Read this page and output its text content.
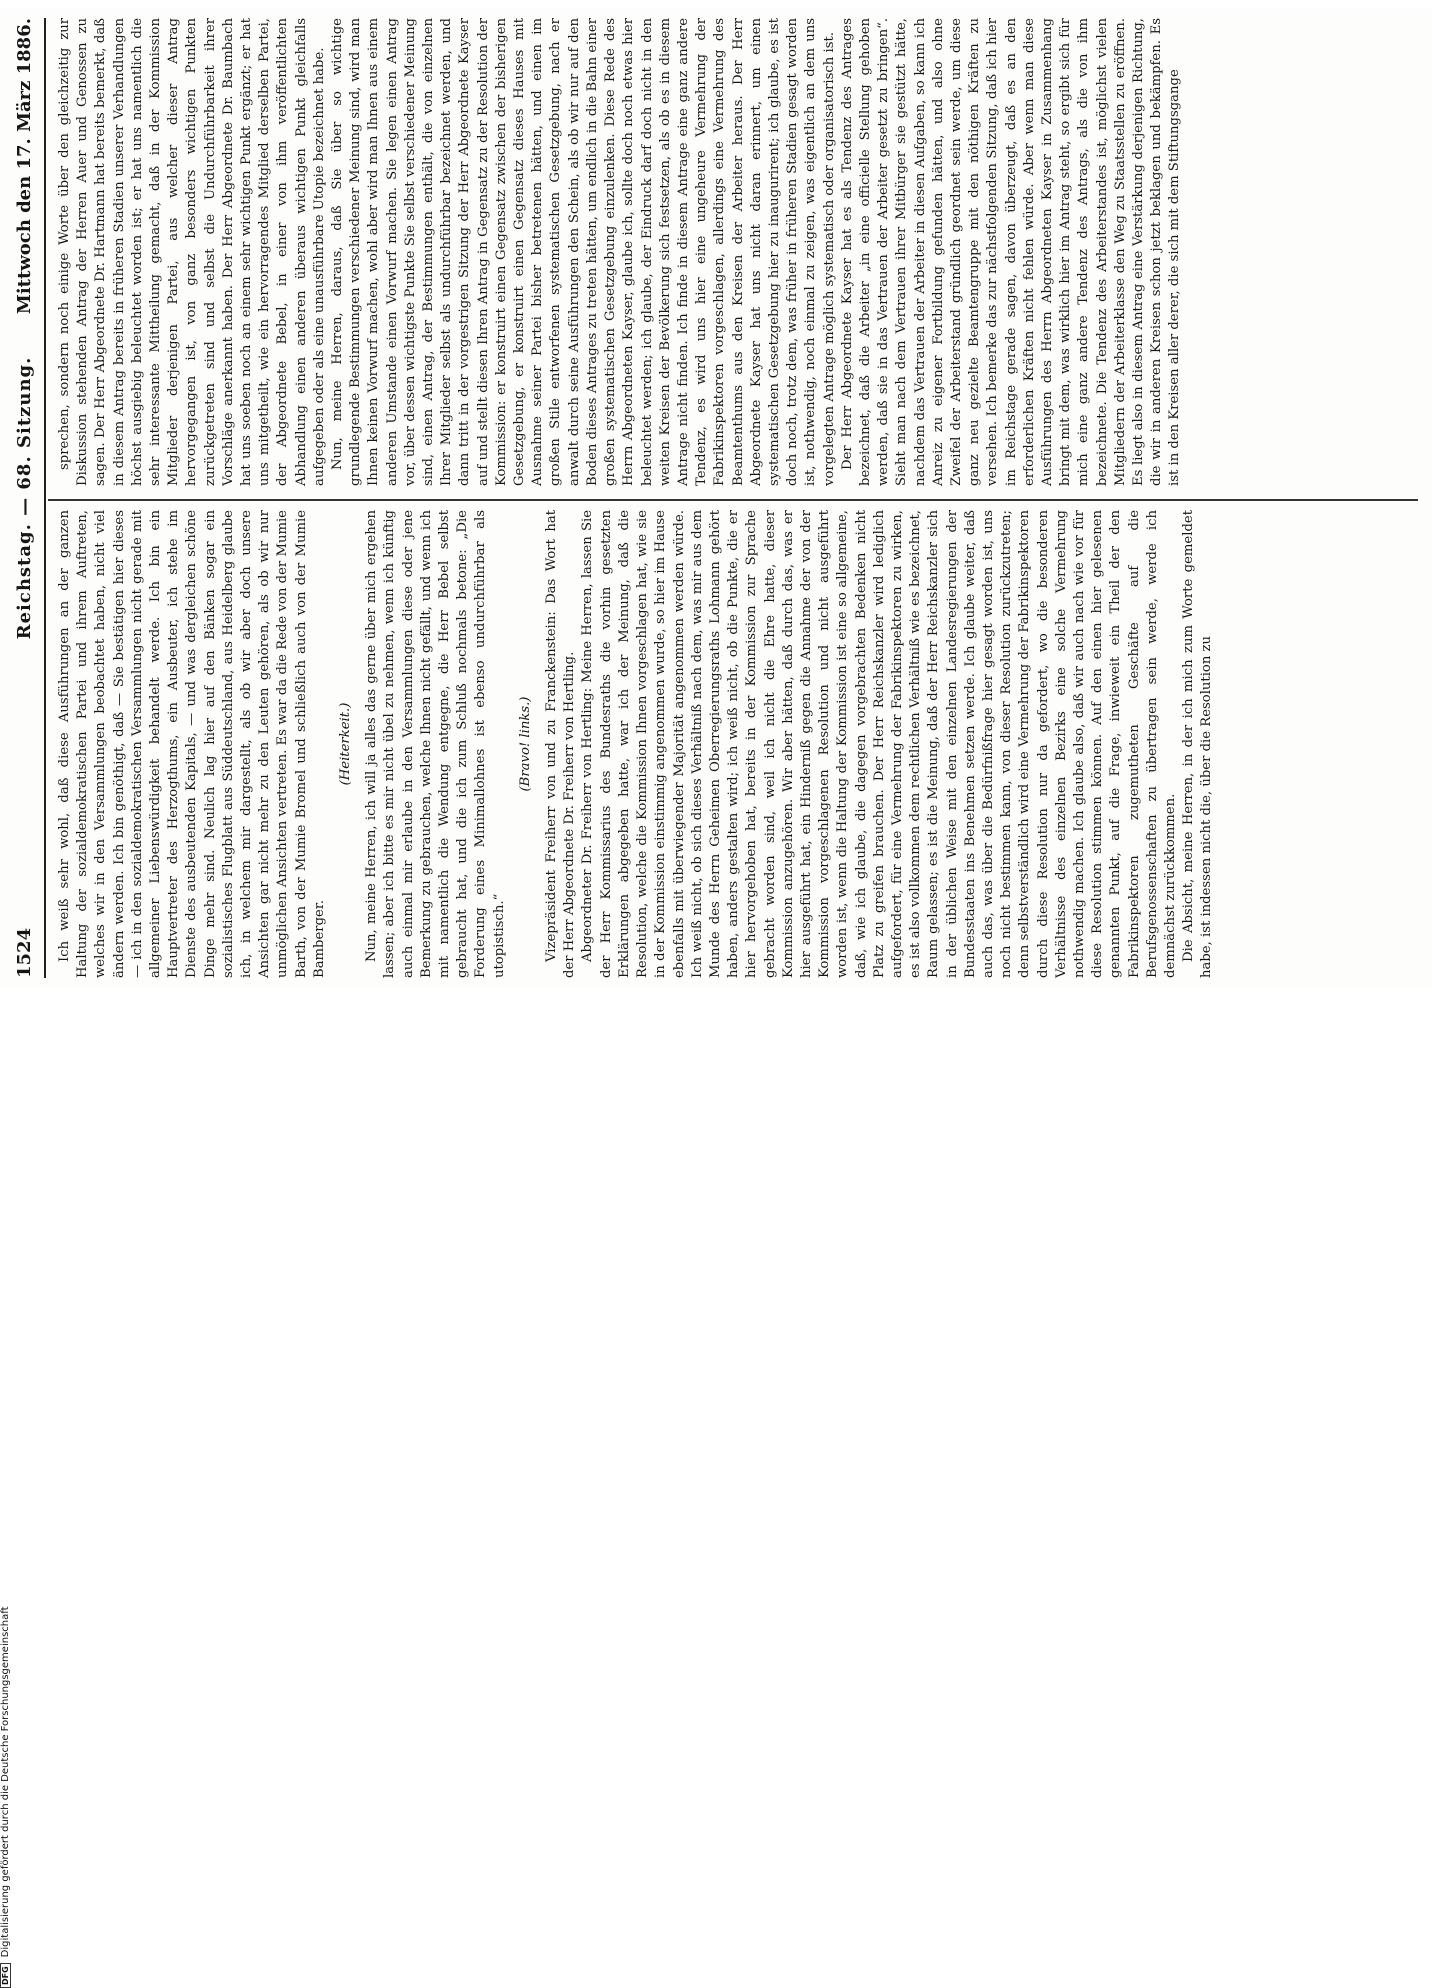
1524
Reichstag. — 68. Sitzung.
Mittwoch den 17. März 1886.

Ich weiß sehr wohl, daß diese Ausführungen an der ganzen Haltung der sozialdemokratischen Partei und ihrem Auftreten, welches wir in den Versammlungen beobachtet haben, nicht viel ändern werden. Ich bin genöthigt, daß — Sie bestätigen hier dieses — ich in den sozialdemokratischen Versammlungen nicht gerade mit allgemeiner Liebenswürdigkeit behandelt werde. Ich bin ein Hauptvertreter des Herzogthums, ein Ausbeuter, ich stehe im Dienste des ausbeutenden Kapitals, — und was dergleichen schöne Dinge mehr sind. Neulich lag hier auf den Bänken sogar ein sozialistisches Flugblatt aus Süddeutschland, aus Heidelberg glaube ich, in welchem mir dargestellt, als ob wir aber doch unsere Ansichten gar nicht mehr zu den Leuten gehören, als ob wir nur unmöglichen Ansichten vertreten. Es war da die Rede von der Mumie Barth, von der Mumie Bromel und schließlich auch von der Mumie Bamberger.

(Heiterkeit.) Nun, meine Herren, ich will ja alles das gerne über mich ergehen lassen; aber ich bitte es mir nicht übel zu nehmen, wenn ich künftig auch einmal mir erlaube in den Versammlungen diese oder jene Bemerkung zu gebrauchen, welche Ihnen nicht gefällt, und wenn ich mit namentlich die Wendung entgegne, die Herr Bebel selbst gebraucht hat, und die ich zum Schluß nochmals betone: „Die Forderung eines Minimallohnes ist ebenso undurchführbar als utopistisch.“

(Bravo! links.) Vizepräsident Freiherr von und zu Franckenstein: Das Wort hat der Herr Abgeordnete Dr. Freiherr von Hertling. Abgeordneter Dr. Freiherr von Hertling: Meine Herren, lassen Sie der Herr Kommissarius des Bundesraths die vorhin gesetzten Erklärungen abgegeben hatte, war ich der Meinung, daß die Resolution, welche die Kommission Ihnen vorgeschlagen hat, wie sie in der Kommission einstimmig angenommen wurde, so hier im Hause ebenfalls mit überwiegender Majorität angenommen werden würde. Ich weiß nicht, ob sich dieses Verhältniß nach dem, was mir aus dem Munde des Herrn Geheimen Oberregierungsraths Lohmann gehört haben, anders gestalten wird; ich weiß nicht, ob die Punkte, die er hier hervorgehoben hat, bereits in der Kommission zur Sprache gebracht worden sind, weil ich nicht die Ehre hatte, dieser Kommission anzugehören. Wir aber hätten, daß durch das, was er hier ausgeführt hat, ein Hinderniß gegen die Annahme der von der Kommission vorgeschlagenen Resolution und nicht ausgeführt worden ist, wenn die Haltung der Kommission ist eine so allgemeine, daß, wie ich glaube, die dagegen vorgebrachten Bedenken nicht Platz zu greifen brauchen. Der Herr Reichskanzler wird lediglich aufgefordert, für eine Vermehrung der Fabrikinspektoren zu wirken, es ist also vollkommen dem rechtlichen Verhältniß wie es bezeichnet, Raum gelassen; es ist die Meinung, daß der Herr Reichskanzler sich in der üblichen Weise mit den einzelnen Landesregierungen der Bundesstaaten ins Benehmen setzen werde. Ich glaube weiter, daß auch das, was über die Bedürfnißfrage hier gesagt worden ist, uns noch nicht bestimmen kann, von dieser Resolution zurückzutreten; denn selbstverständlich wird eine Vermehrung der Fabrikinspektoren durch diese Resolution nur da gefordert, wo die besonderen Verhältnisse des einzelnen Bezirks eine solche Vermehrung nothwendig machen. Ich glaube also, daß wir auch nach wie vor für diese Resolution stimmen können. Auf den einen hier gelesenen genannten Punkt, auf die Frage, inwieweit ein Theil der den Fabrikinspektoren zugemutheten Geschäfte auf die Berufsgenossenschaften zu übertragen sein werde, werde ich demnächst zurückkommen. Die Absicht, meine Herren, in der ich mich zum Worte gemeldet habe, ist indessen nicht die, über die Resolution zu

sprechen, sondern noch einige Worte über den gleichzeitig zur Diskussion stehenden Antrag der Herren Auer und Genossen zu sagen. Der Herr Abgeordnete Dr. Hartmann hat bereits bemerkt, daß in diesem Antrag bereits in früheren Stadien unserer Verhandlungen höchst ausgiebig beleuchtet worden ist; er hat uns namentlich die sehr interessante Mittheilung gemacht, daß in der Kommission Mitglieder derjenigen Partei, aus welcher dieser Antrag hervorgegangen ist, von ganz besonders wichtigen Punkten zurückgetreten sind und selbst die Undurchführbarkeit ihrer Vorschläge anerkannt haben. Der Herr Abgeordnete Dr. Baumbach hat uns soeben noch an einem sehr wichtigen Punkt ergänzt; er hat uns mitgetheilt, wie ein hervorragendes Mitglied derselben Partei, der Abgeordnete Bebel, in einer von ihm veröffentlichten Abhandlung einen anderen überaus wichtigen Punkt gleichfalls aufgegeben oder als eine unausführbare Utopie bezeichnet habe. Nun, meine Herren, daraus, daß Sie über so wichtige grundlegende Bestimmungen verschiedener Meinung sind, wird man Ihnen keinen Vorwurf machen, wohl aber wird man Ihnen aus einem anderen Umstande einen Vorwurf machen. Sie legen einen Antrag vor, über dessen wichtigste Punkte Sie selbst verschiedener Meinung sind, einen Antrag, der Bestimmungen enthält, die von einzelnen Ihrer Mitglieder selbst als undurchführbar bezeichnet werden, und dann tritt in der vorgestrigen Sitzung der Herr Abgeordnete Kayser auf und stellt diesen Ihren Antrag in Gegensatz zu der Resolution der Kommission: er konstruirt einen Gegensatz zwischen der bisherigen Gesetzgebung, er konstruirt einen Gegensatz dieses Hauses mit Ausnahme seiner Partei bisher betretenen hätten, und einen im großen Stile entworfenen systematischen Gesetzgebung, nach er anwalt durch seine Ausführungen den Schein, als ob wir nur auf den Boden dieses Antrages zu treten hätten, um endlich in die Bahn einer großen systematischen Gesetzgebung einzulenken. Diese Rede des Herrn Abgeordneten Kayser, glaube ich, sollte doch noch etwas hier beleuchtet werden; ich glaube, der Eindruck darf doch nicht in den weiten Kreisen der Bevölkerung sich festsetzen, als ob es in diesem Antrage nicht finden. Ich finde in diesem Antrage eine ganz andere Tendenz, es wird uns hier eine ungeheure Vermehrung der Fabrikinspektoren vorgeschlagen, allerdings eine Vermehrung des Beamtenthums aus den Kreisen der Arbeiter heraus. Der Herr Abgeordnete Kayser hat uns nicht daran erinnert, um einen systematischen Gesetzgebung hier zu inaugurirent; ich glaube, es ist doch noch, trotz dem, was früher in früheren Stadien gesagt worden ist, nothwendig, noch einmal zu zeigen, was eigentlich an dem uns vorgelegten Antrage möglich systematisch oder organisatorisch ist. Der Herr Abgeordnete Kayser hat es als Tendenz des Antrages bezeichnet, daß die Arbeiter „in eine officielle Stellung gehoben werden, daß sie in das Vertrauen der Arbeiter gesetzt zu bringen“. Sieht man nach dem Vertrauen ihrer Mitbürger sie gestützt hätte, nachdem das Vertrauen der Arbeiter in diesen Aufgaben, so kann ich Anreiz zu eigener Fortbildung gefunden hätten, und also ohne Zweifel der Arbeiterstand gründlich geordnet sein werde, um diese ganz neu gezielte Beamtengruppe mit den nöthigen Kräften zu versehen. Ich bemerke das zur nächstfolgenden Sitzung, daß ich hier im Reichstage gerade sagen, davon überzeugt, daß es an den erforderlichen Kräften nicht fehlen würde. Aber wenn man diese Ausführungen des Herrn Abgeordneten Kayser in Zusammenhang bringt mit dem, was wirklich hier im Antrag steht, so ergibt sich für mich eine ganz andere Tendenz des Antrags, als die von ihm bezeichnete. Die Tendenz des Arbeiterstandes ist, möglichst vielen Mitgliedern der Arbeiterklasse den Weg zu Staatsstellen zu eröffnen. Es liegt also in diesem Antrag eine Verstärkung derjenigen Richtung, die wir in anderen Kreisen schon jetzt beklagen und bekämpfen. Es ist in den Kreisen aller derer, die sich mit dem Stiftungsgange

DFGDigitalisierung gefördert durch die Deutsche Forschungsgemeinschaft
